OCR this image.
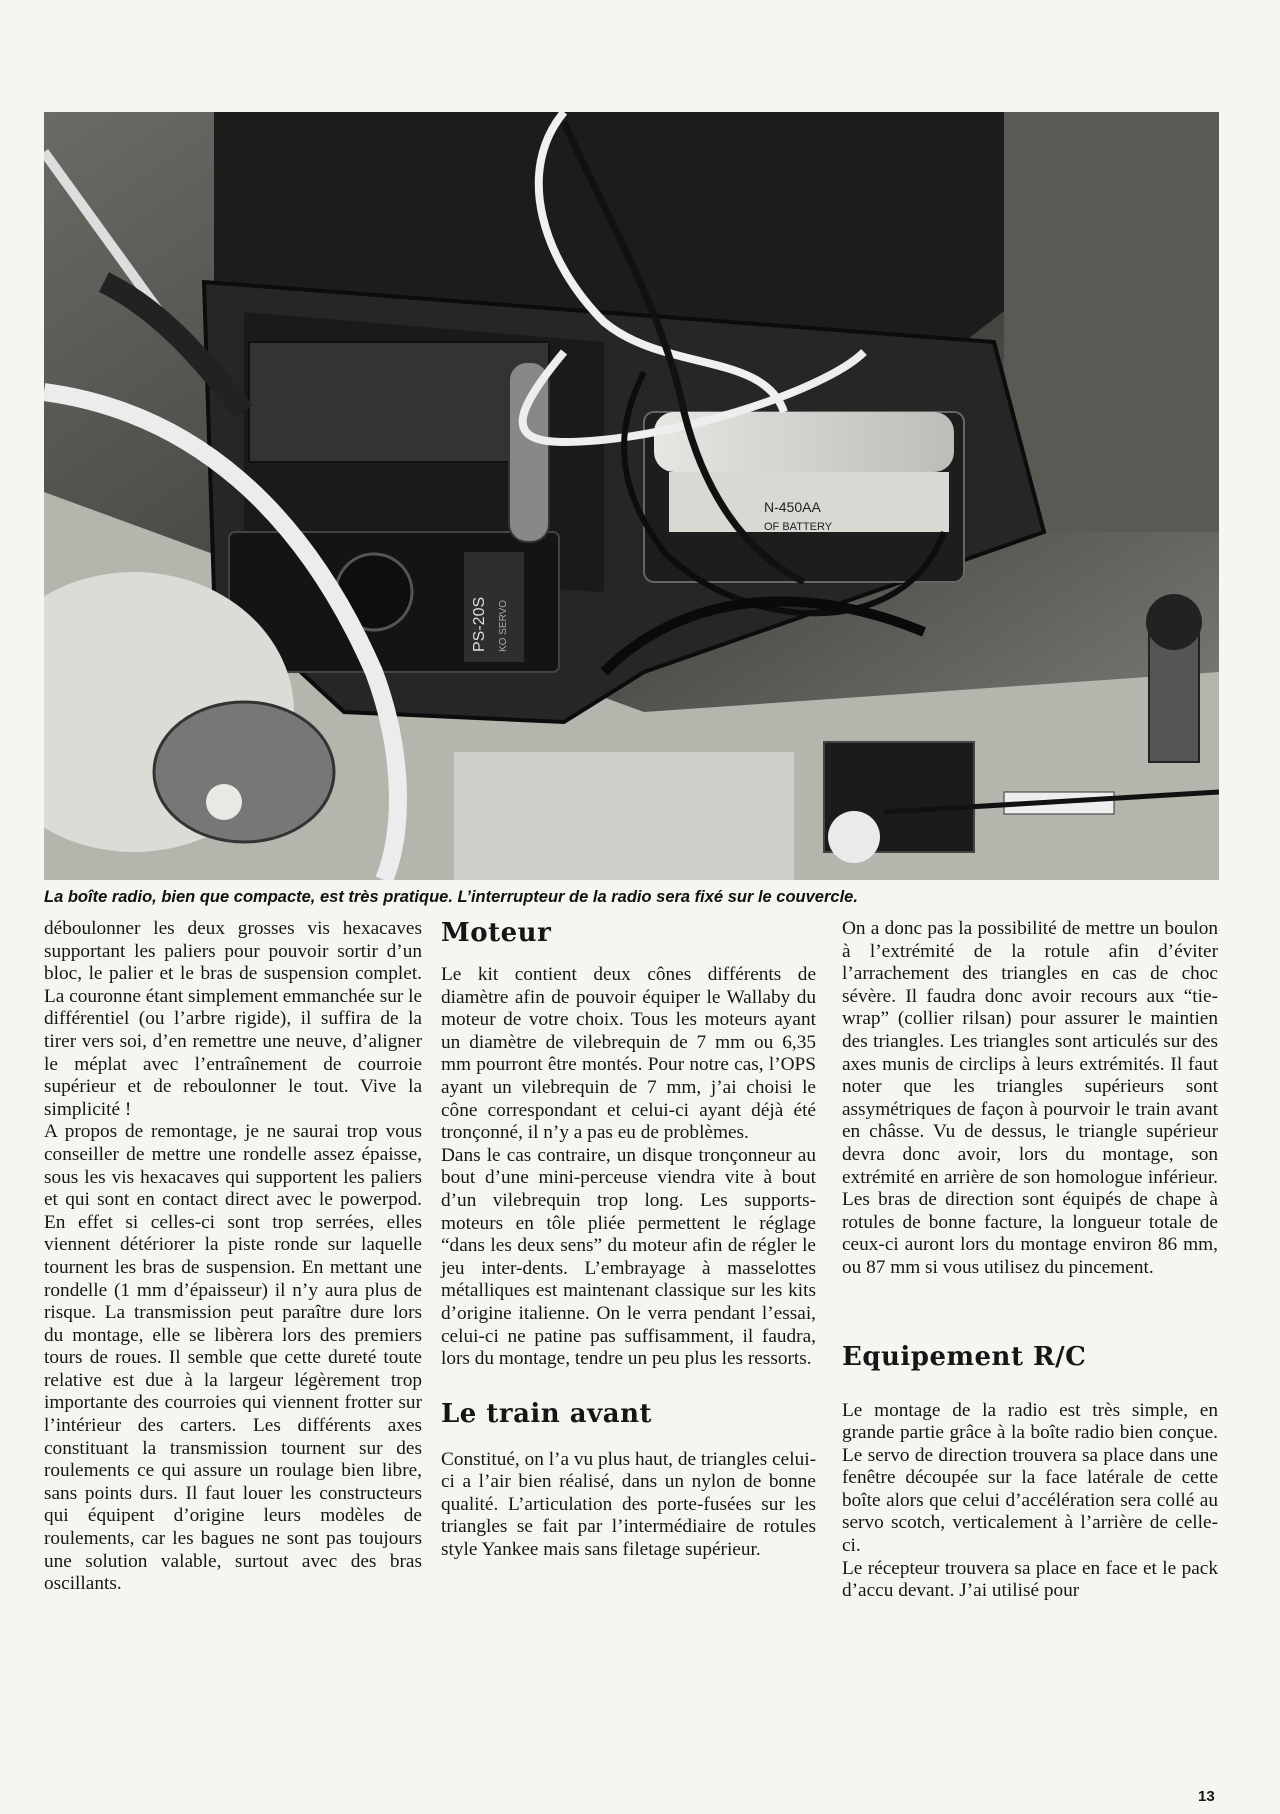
PS-20S KO SERVO
N-450AA
OF BATTERY
La boîte radio, bien que compacte, est très pratique. L’interrupteur de la radio sera fixé sur le couvercle.

déboulonner les deux grosses vis hexacaves supportant les paliers pour pouvoir sortir d’un bloc, le palier et le bras de suspension complet. La couronne étant simplement emmanchée sur le différentiel (ou l’arbre rigide), il suffira de la tirer vers soi, d’en remettre une neuve, d’aligner le méplat avec l’entraînement de courroie supérieur et de reboulonner le tout. Vive la simplicité !

A propos de remontage, je ne saurai trop vous conseiller de mettre une rondelle assez épaisse, sous les vis hexacaves qui supportent les paliers et qui sont en contact direct avec le powerpod. En effet si celles-ci sont trop serrées, elles viennent détériorer la piste ronde sur laquelle tournent les bras de suspension. En mettant une rondelle (1 mm d’épaisseur) il n’y aura plus de risque. La transmission peut paraître dure lors du montage, elle se libèrera lors des premiers tours de roues. Il semble que cette dureté toute relative est due à la largeur légèrement trop importante des courroies qui viennent frotter sur l’intérieur des carters. Les différents axes constituant la transmission tournent sur des roulements ce qui assure un roulage bien libre, sans points durs. Il faut louer les constructeurs qui équipent d’origine leurs modèles de roulements, car les bagues ne sont pas toujours une solution valable, surtout avec des bras oscillants.

Moteur

Le kit contient deux cônes différents de diamètre afin de pouvoir équiper le Wallaby du moteur de votre choix. Tous les moteurs ayant un diamètre de vilebrequin de 7 mm ou 6,35 mm pourront être montés. Pour notre cas, l’OPS ayant un vilebrequin de 7 mm, j’ai choisi le cône correspondant et celui-ci ayant déjà été tronçonné, il n’y a pas eu de problèmes.

Dans le cas contraire, un disque tronçonneur au bout d’une mini-perceuse viendra vite à bout d’un vilebrequin trop long. Les supports-moteurs en tôle pliée permettent le réglage “dans les deux sens” du moteur afin de régler le jeu inter-dents. L’embrayage à masselottes métalliques est maintenant classique sur les kits d’origine italienne. On le verra pendant l’essai, celui-ci ne patine pas suffisamment, il faudra, lors du montage, tendre un peu plus les ressorts.

Le train avant

Constitué, on l’a vu plus haut, de triangles celui-ci a l’air bien réalisé, dans un nylon de bonne qualité. L’articulation des porte-fusées sur les triangles se fait par l’intermédiaire de rotules style Yankee mais sans filetage supérieur.

On a donc pas la possibilité de mettre un boulon à l’extrémité de la rotule afin d’éviter l’arrachement des triangles en cas de choc sévère. Il faudra donc avoir recours aux “tie-wrap” (collier rilsan) pour assurer le maintien des triangles. Les triangles sont articulés sur des axes munis de circlips à leurs extrémités. Il faut noter que les triangles supérieurs sont assymétriques de façon à pourvoir le train avant en châsse. Vu de dessus, le triangle supérieur devra donc avoir, lors du montage, son extrémité en arrière de son homologue inférieur. Les bras de direction sont équipés de chape à rotules de bonne facture, la longueur totale de ceux-ci auront lors du montage environ 86 mm, ou 87 mm si vous utilisez du pincement.

Equipement R/C

Le montage de la radio est très simple, en grande partie grâce à la boîte radio bien conçue. Le servo de direction trouvera sa place dans une fenêtre découpée sur la face latérale de cette boîte alors que celui d’accélération sera collé au servo scotch, verticalement à l’arrière de celle-ci.

Le récepteur trouvera sa place en face et le pack d’accu devant. J’ai utilisé pour

13
